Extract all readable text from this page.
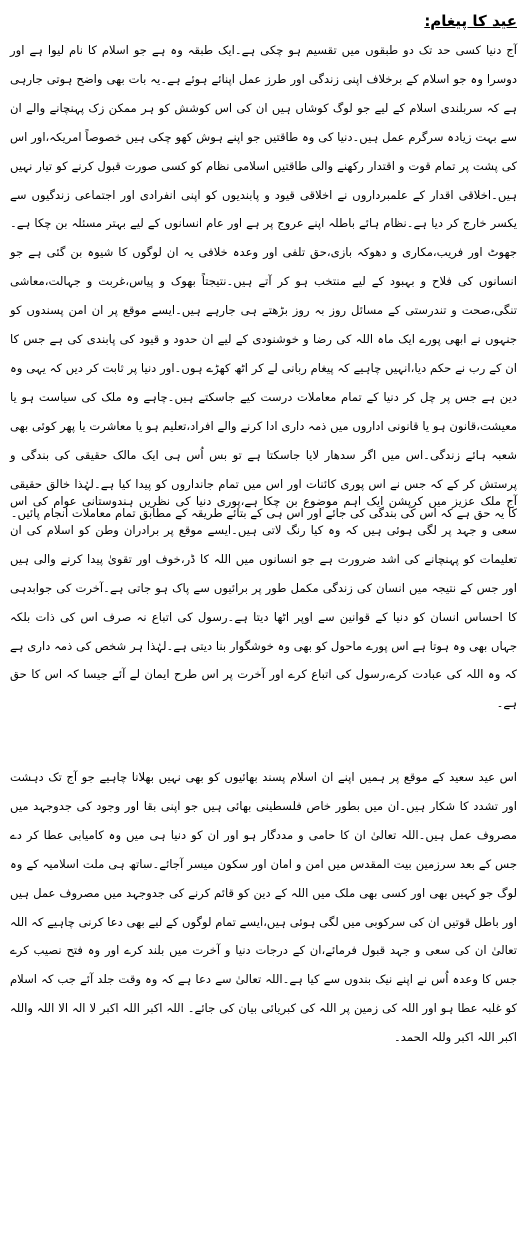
عید کا پیغام:

آج دنیا کسی حد تک دو طبقوں میں تقسیم ہو چکی ہے۔ایک طبقہ وہ ہے جو اسلام کا نام لیوا ہے اور دوسرا وہ جو اسلام کے برخلاف اپنی زندگی اور طرز عمل اپنائے ہوئے ہے۔یہ بات بھی واضح ہوتی جارہی ہے کہ سربلندی اسلام کے لیے جو لوگ کوشاں ہیں ان کی اس کوشش کو ہر ممکن زک پہنچانے والے ان سے بہت زیادہ سرگرم عمل ہیں۔دنیا کی وہ طاقتیں جو اپنے ہوش کھو چکی ہیں خصوصاً امریکہ،اور اس کی پشت پر تمام قوت و اقتدار رکھنے والی طاقتیں اسلامی نظام کو کسی صورت قبول کرنے کو تیار نہیں ہیں۔اخلاقی اقدار کے علمبرداروں نے اخلاقی قیود و پابندیوں کو اپنی انفرادی اور اجتماعی زندگیوں سے یکسر خارج کر دیا ہے۔نظام ہائے باطلہ اپنے عروج پر ہے اور عام انسانوں کے لیے بہتر مسئلہ بن چکا ہے۔جھوٹ اور فریب،مکاری و دھوکہ بازی،حق تلفی اور وعدہ خلافی یہ ان لوگوں کا شیوہ بن گئی ہے جو انسانوں کی فلاح و بہبود کے لیے منتخب ہو کر آتے ہیں۔نتیجتاً بھوک و پیاس،غربت و جہالت،معاشی تنگی،صحت و تندرستی کے مسائل روز بہ روز بڑھتے ہی جارہے ہیں۔ایسے موقع پر ان امن پسندوں کو جنہوں نے ابھی پورے ایک ماہ اللہ کی رضا و خوشنودی کے لیے ان حدود و قیود کی پابندی کی ہے جس کا ان کے رب نے حکم دیا،انہیں چاہیے کہ پیغام ربانی لے کر اٹھ کھڑے ہوں۔اور دنیا پر ثابت کر دیں کہ یہی وہ دین ہے جس پر چل کر دنیا کے تمام معاملات درست کیے جاسکتے ہیں۔چاہے وہ ملک کی سیاست ہو یا معیشت،قانون ہو یا قانونی اداروں میں ذمہ داری ادا کرنے والے افراد،تعلیم ہو یا معاشرت یا پھر کوئی بھی شعبہ ہائے زندگی۔اس میں اگر سدھار لایا جاسکتا ہے تو بس اُس ہی ایک مالک حقیقی کی بندگی و پرستش کر کے کہ جس نے اس پوری کائنات اور اس میں تمام جانداروں کو پیدا کیا ہے۔لہٰذا خالق حقیقی کا یہ حق ہے کہ اس کی بندگی کی جائے اور اس ہی کے بتائے طریقہ کے مطابق تمام معاملات انجام پائیں۔

آج ملک عزیز میں کرپشن ایک اہم موضوع بن چکا ہے،پوری دنیا کی نظریں ہندوستانی عوام کی اس سعی و جہد پر لگی ہوئی ہیں کہ وہ کیا رنگ لاتی ہیں۔ایسے موقع پر برادران وطن کو اسلام کی ان تعلیمات کو پہنچانے کی اشد ضرورت ہے جو انسانوں میں اللہ کا ڈر،خوف اور تقویٰ پیدا کرنے والی ہیں اور جس کے نتیجہ میں انسان کی زندگی مکمل طور پر برائیوں سے پاک ہو جاتی ہے۔آخرت کی جوابدہی کا احساس انسان کو دنیا کے قوانین سے اوپر اٹھا دیتا ہے۔رسول کی اتباع نہ صرف اس کی ذات بلکہ جہاں بھی وہ ہوتا ہے اس پورے ماحول کو بھی وہ خوشگوار بنا دیتی ہے۔لہٰذا ہر شخص کی ذمہ داری ہے کہ وہ اللہ کی عبادت کرے،رسول کی اتباع کرے اور آخرت پر اس طرح ایمان لے آئے جیسا کہ اس کا حق ہے۔

اس عید سعید کے موقع پر ہمیں اپنے ان اسلام پسند بھائیوں کو بھی نہیں بھلانا چاہیے جو آج تک دہشت اور تشدد کا شکار ہیں۔ان میں بطور خاص فلسطینی بھائی ہیں جو اپنی بقا اور وجود کی جدوجہد میں مصروف عمل ہیں۔اللہ تعالیٰ ان کا حامی و مددگار ہو اور ان کو دنیا ہی میں وہ کامیابی عطا کر دے جس کے بعد سرزمین بیت المقدس میں امن و امان اور سکون میسر آجائے۔ساتھ ہی ملت اسلامیہ کے وہ لوگ جو کہیں بھی اور کسی بھی ملک میں اللہ کے دین کو قائم کرنے کی جدوجہد میں مصروف عمل ہیں اور باطل قوتیں ان کی سرکوبی میں لگی ہوئی ہیں،ایسے تمام لوگوں کے لیے بھی دعا کرنی چاہیے کہ اللہ تعالیٰ ان کی سعی و جہد قبول فرمائے،ان کے درجات دنیا و آخرت میں بلند کرے اور وہ فتح نصیب کرے جس کا وعدہ اُس نے اپنے نیک بندوں سے کیا ہے۔اللہ تعالیٰ سے دعا ہے کہ وہ وقت جلد آئے جب کہ اسلام کو غلبہ عطا ہو اور اللہ کی زمین پر اللہ کی کبریائی بیان کی جائے۔ اللہ اکبر اللہ اکبر لا الہ الا اللہ واللہ اکبر اللہ اکبر وللہ الحمد۔
